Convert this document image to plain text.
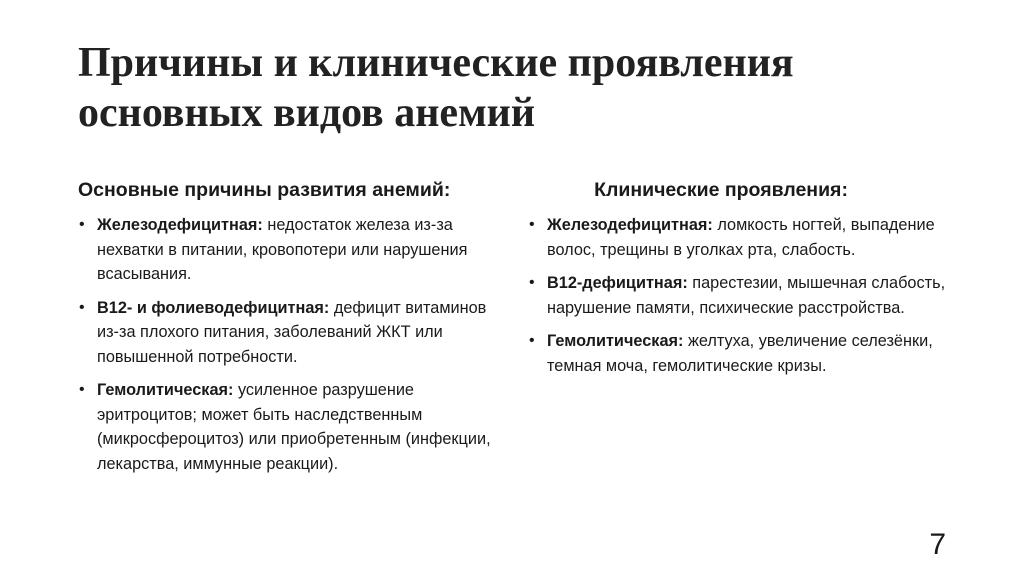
Причины и клинические проявления
основных видов анемий
Основные причины развития анемий:
• Железодефицитная: недостаток железа из-за нехватки в питании, кровопотери или нарушения всасывания.
• В12- и фолиеводефицитная: дефицит витаминов из-за плохого питания, заболеваний ЖКТ или повышенной потребности.
• Гемолитическая: усиленное разрушение эритроцитов; может быть наследственным (микросфероцитоз) или приобретенным (инфекции, лекарства, иммунные реакции).
Клинические проявления:
• Железодефицитная: ломкость ногтей, выпадение волос, трещины в уголках рта, слабость.
• В12-дефицитная: парестезии, мышечная слабость, нарушение памяти, психические расстройства.
• Гемолитическая: желтуха, увеличение селезёнки, темная моча, гемолитические кризы.
7
